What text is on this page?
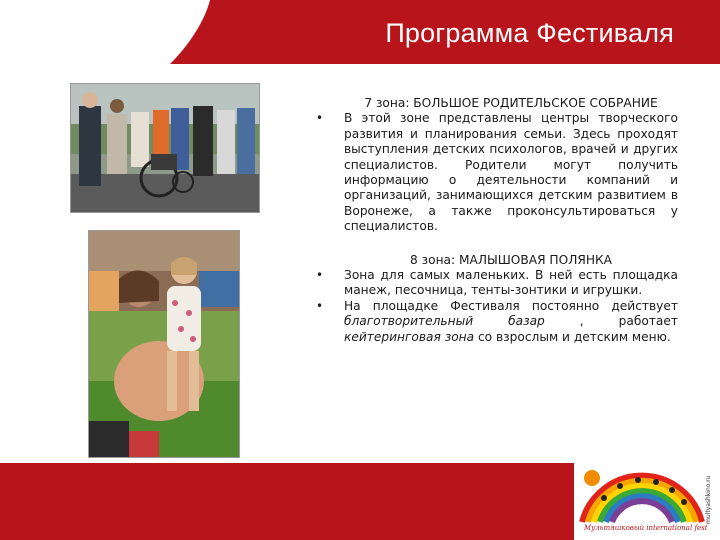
Программа Фестиваля

7 зона: БОЛЬШОЕ РОДИТЕЛЬСКОЕ СОБРАНИЕ

• В этой зоне представлены центры творческого развития и планирования семьи. Здесь проходят выступления детских психологов, врачей и других специалистов. Родители могут получить информацию о деятельности компаний и организаций, занимающихся детским развитием в Воронеже, а также проконсультироваться у специалистов.

8 зона: МАЛЫШОВАЯ ПОЛЯНКА

• Зона для самых маленьких. В ней есть площадка манеж, песочница, тенты-зонтики и игрушки.
• На площадке Фестиваля постоянно действует благотворительный базар , работает кейтеринговая зона со взрослым и детским меню.
Мультяшковый international fest
multyashkino.ru
